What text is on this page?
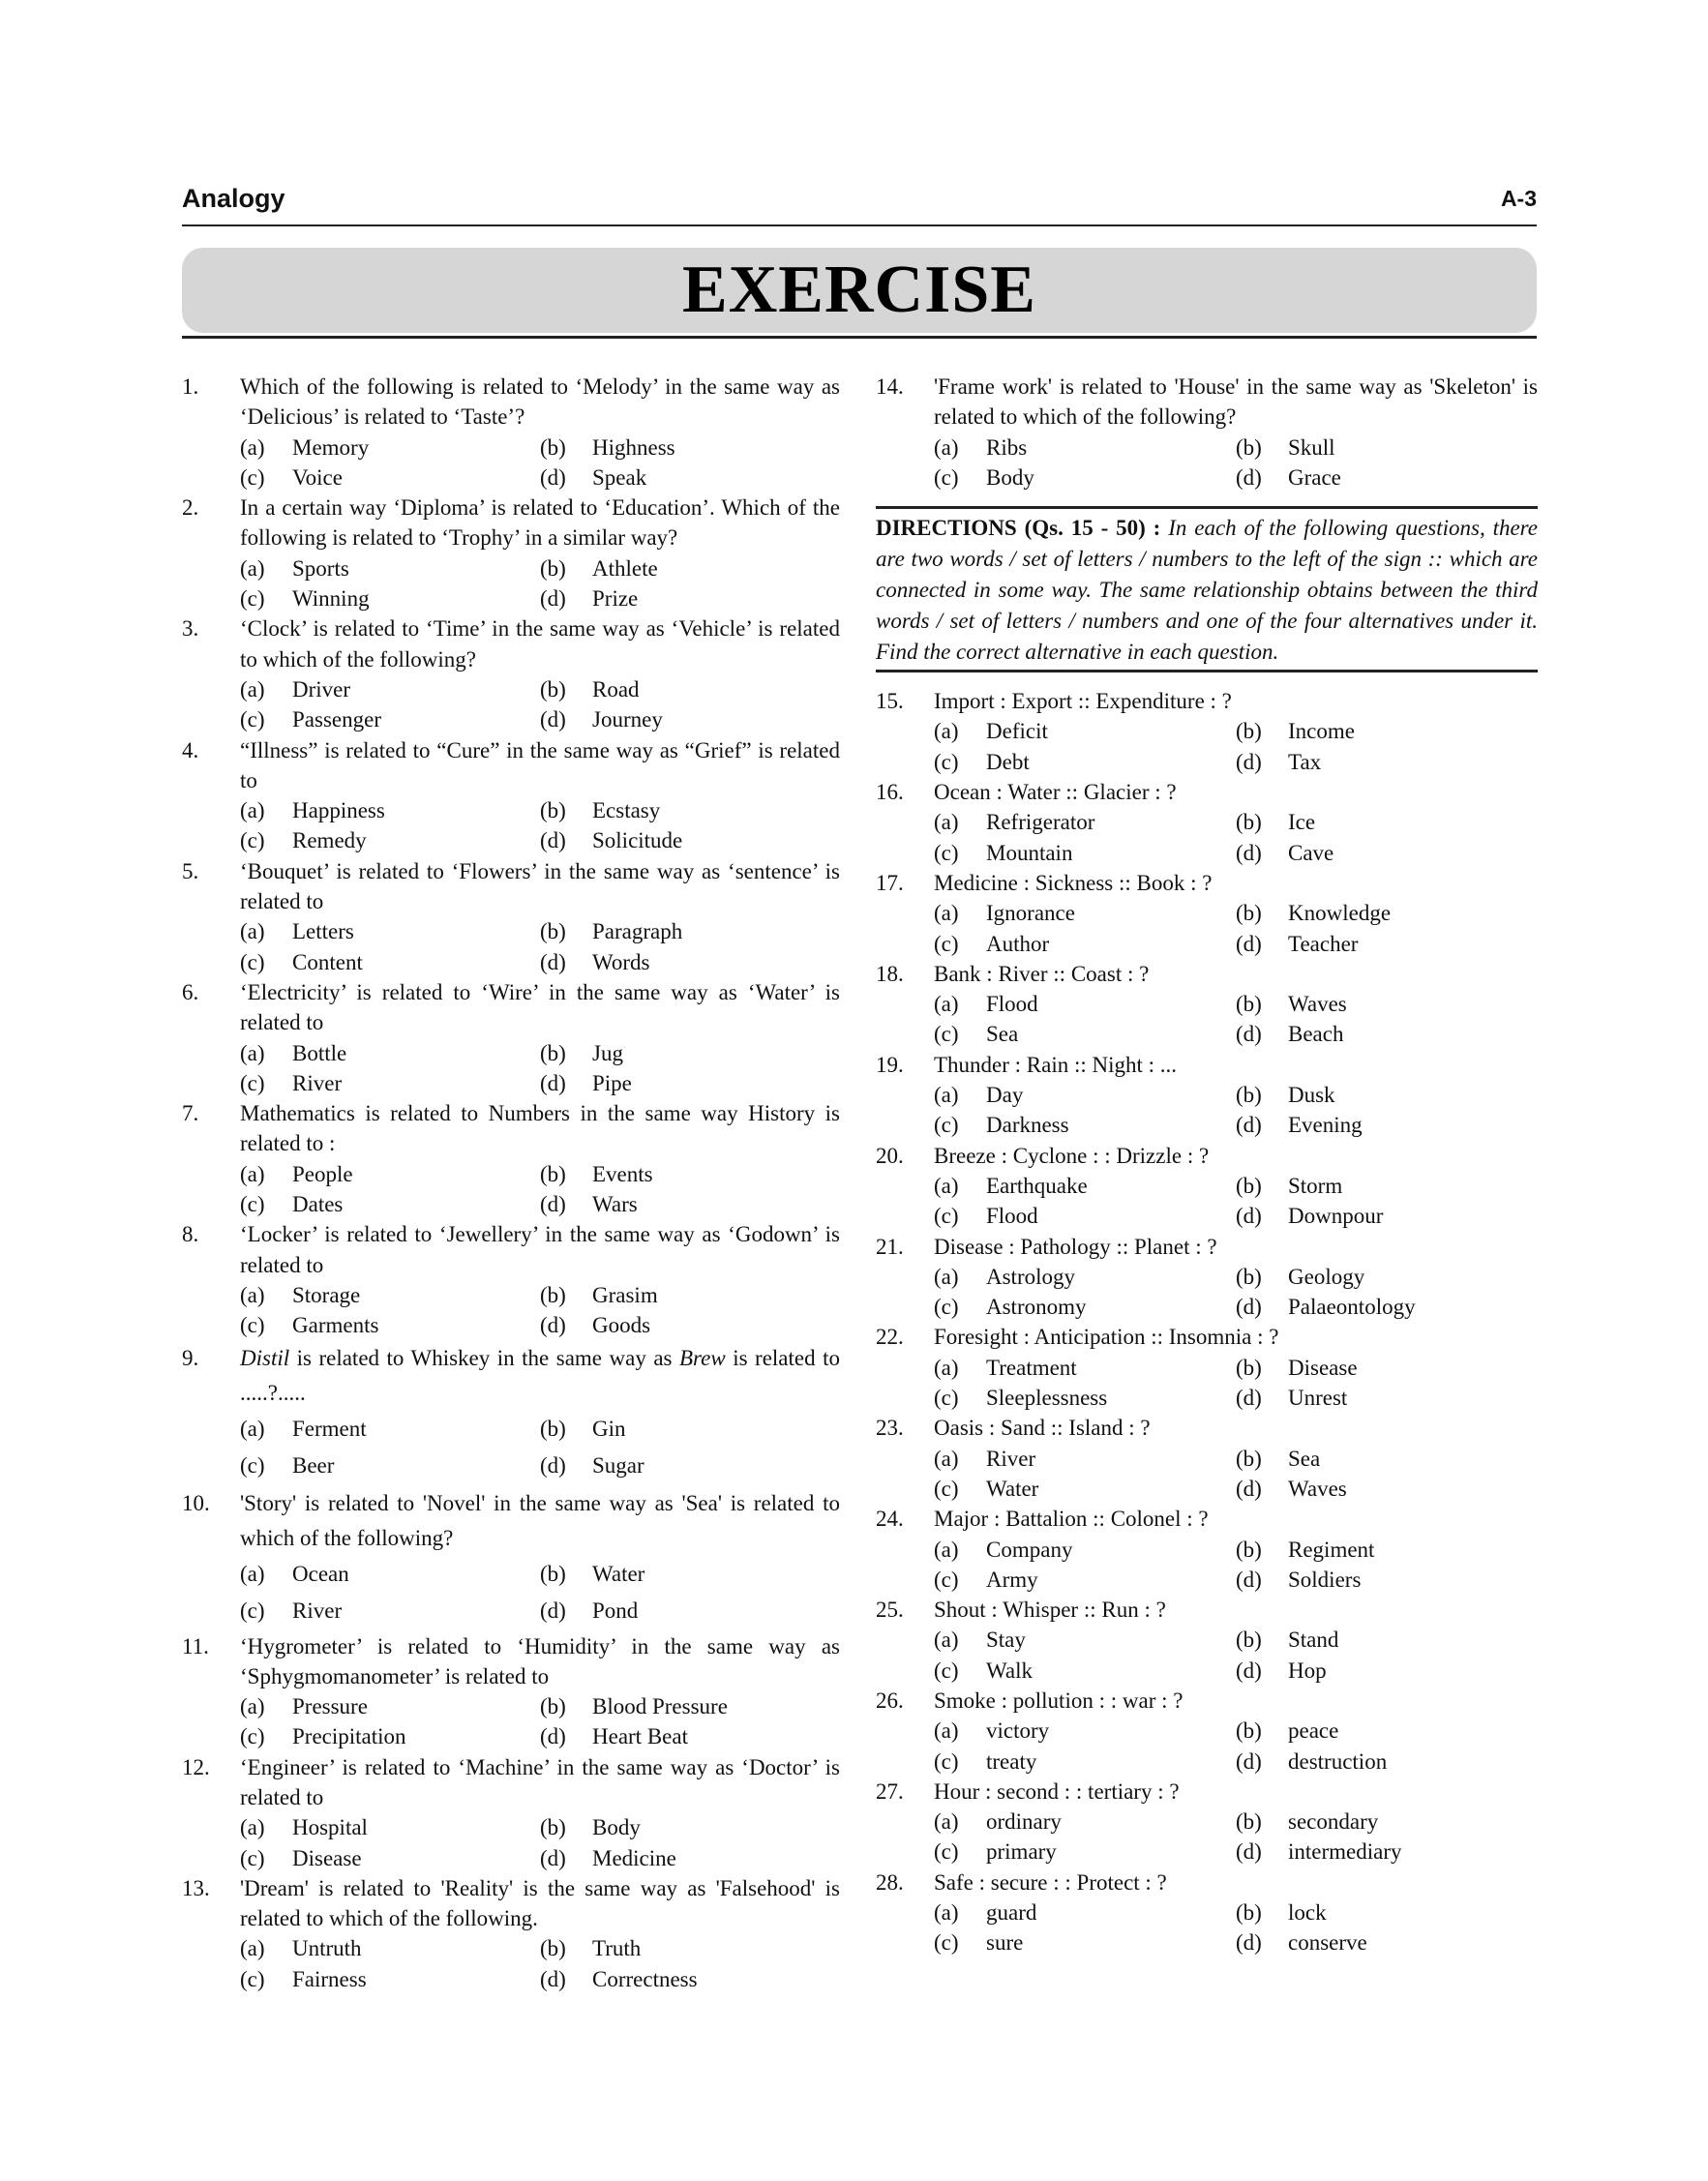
Analogy	A-3
EXERCISE
1.	Which of the following is related to ‘Melody’ in the same way as ‘Delicious’ is related to ‘Taste’?
(a)	Memory	(b)	Highness
(c)	Voice	(d)	Speak
2.	In a certain way ‘Diploma’ is related to ‘Education’. Which of the following is related to ‘Trophy’ in a similar way?
(a)	Sports	(b)	Athlete
(c)	Winning	(d)	Prize
3.	‘Clock’ is related to ‘Time’ in the same way as ‘Vehicle’ is related to which of the following?
(a)	Driver	(b)	Road
(c)	Passenger	(d)	Journey
4.	“Illness” is related to “Cure” in the same way as “Grief” is related to
(a)	Happiness	(b)	Ecstasy
(c)	Remedy	(d)	Solicitude
5.	‘Bouquet’ is related to ‘Flowers’ in the same way as ‘sentence’ is related to
(a)	Letters	(b)	Paragraph
(c)	Content	(d)	Words
6.	‘Electricity’ is related to ‘Wire’ in the same way as ‘Water’ is related to
(a)	Bottle	(b)	Jug
(c)	River	(d)	Pipe
7.	Mathematics is related to Numbers in the same way History is related to :
(a)	People	(b)	Events
(c)	Dates	(d)	Wars
8.	‘Locker’ is related to ‘Jewellery’ in the same way as ‘Godown’ is related to
(a)	Storage	(b)	Grasim
(c)	Garments	(d)	Goods
9.	Distil is related to Whiskey in the same way as Brew is related to .....?.....
(a)	Ferment	(b)	Gin
(c)	Beer	(d)	Sugar
10.	'Story' is related to 'Novel' in the same way as 'Sea' is related to which of the following?
(a)	Ocean	(b)	Water
(c)	River	(d)	Pond
11.	‘Hygrometer’ is related to ‘Humidity’ in the same way as ‘Sphygmomanometer’ is related to
(a)	Pressure	(b)	Blood Pressure
(c)	Precipitation	(d)	Heart Beat
12.	‘Engineer’ is related to ‘Machine’ in the same way as ‘Doctor’ is related to
(a)	Hospital	(b)	Body
(c)	Disease	(d)	Medicine
13.	'Dream' is related to 'Reality' is the same way as 'Falsehood' is related to which of the following.
(a)	Untruth	(b)	Truth
(c)	Fairness	(d)	Correctness
14.	'Frame work' is related to 'House' in the same way as 'Skeleton' is related to which of the following?
(a)	Ribs	(b)	Skull
(c)	Body	(d)	Grace
DIRECTIONS (Qs. 15 - 50) : In each of the following questions, there are two words / set of letters / numbers to the left of the sign :: which are connected in some way. The same relationship obtains between the third words / set of letters / numbers and one of the four alternatives under it. Find the correct alternative in each question.
15.	Import : Export :: Expenditure : ?
(a)	Deficit	(b)	Income
(c)	Debt	(d)	Tax
16.	Ocean : Water :: Glacier : ?
(a)	Refrigerator	(b)	Ice
(c)	Mountain	(d)	Cave
17.	Medicine : Sickness :: Book : ?
(a)	Ignorance	(b)	Knowledge
(c)	Author	(d)	Teacher
18.	Bank : River :: Coast : ?
(a)	Flood	(b)	Waves
(c)	Sea	(d)	Beach
19.	Thunder : Rain :: Night : ...
(a)	Day	(b)	Dusk
(c)	Darkness	(d)	Evening
20.	Breeze : Cyclone : : Drizzle : ?
(a)	Earthquake	(b)	Storm
(c)	Flood	(d)	Downpour
21.	Disease : Pathology :: Planet : ?
(a)	Astrology	(b)	Geology
(c)	Astronomy	(d)	Palaeontology
22.	Foresight : Anticipation :: Insomnia : ?
(a)	Treatment	(b)	Disease
(c)	Sleeplessness	(d)	Unrest
23.	Oasis : Sand :: Island : ?
(a)	River	(b)	Sea
(c)	Water	(d)	Waves
24.	Major : Battalion :: Colonel : ?
(a)	Company	(b)	Regiment
(c)	Army	(d)	Soldiers
25.	Shout : Whisper :: Run : ?
(a)	Stay	(b)	Stand
(c)	Walk	(d)	Hop
26.	Smoke : pollution : : war : ?
(a)	victory	(b)	peace
(c)	treaty	(d)	destruction
27.	Hour : second : : tertiary : ?
(a)	ordinary	(b)	secondary
(c)	primary	(d)	intermediary
28.	Safe : secure : : Protect : ?
(a)	guard	(b)	lock
(c)	sure	(d)	conserve
